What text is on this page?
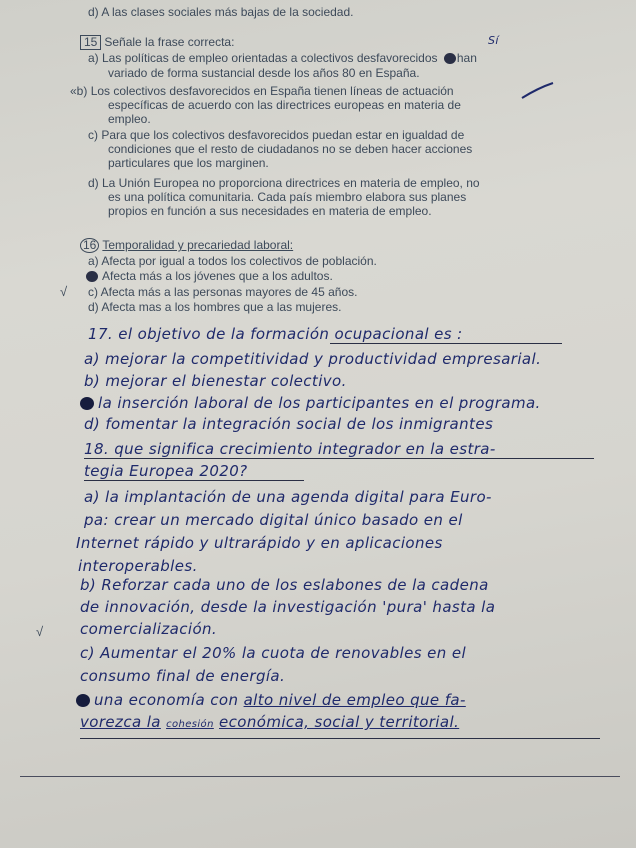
d) A las clases sociales más bajas de la sociedad.
15 Señale la frase correcta:	Sí
a) Las políticas de empleo orientadas a colectivos desfavorecidos han
variado de forma sustancial desde los años 80 en España.
«b) Los colectivos desfavorecidos en España tienen líneas de actuación
específicas de acuerdo con las directrices europeas en materia de
empleo.
c) Para que los colectivos desfavorecidos puedan estar en igualdad de
condiciones que el resto de ciudadanos no se deben hacer acciones
particulares que los marginen.
d) La Unión Europea no proporciona directrices en materia de empleo, no
es una política comunitaria. Cada país miembro elabora sus planes
propios en función a sus necesidades en materia de empleo.
16 Temporalidad y precariedad laboral:
a) Afecta por igual a todos los colectivos de población.
Afecta más a los jóvenes que a los adultos.
√ c) Afecta más a las personas mayores de 45 años.
d) Afecta mas a los hombres que a las mujeres.
17. el objetivo de la formación ocupacional es :
a) mejorar la competitividad y productividad empresarial.
b) mejorar el bienestar colectivo.
la inserción laboral de los participantes en el programa.
d) fomentar la integración social de los inmigrantes
18. que significa crecimiento integrador en la estra-
tegia Europea 2020?
a) la implantación de una agenda digital para Euro-
pa: crear un mercado digital único basado en el
Internet rápido y ultrarápido y en aplicaciones
interoperables.
b) Reforzar cada uno de los eslabones de la cadena
de innovación, desde la investigación 'pura' hasta la
√ comercialización.
c) Aumentar el 20% la cuota de renovables en el
consumo final de energía.
una economía con alto nivel de empleo que fa-
vorezca la cohesión económica, social y territorial.
